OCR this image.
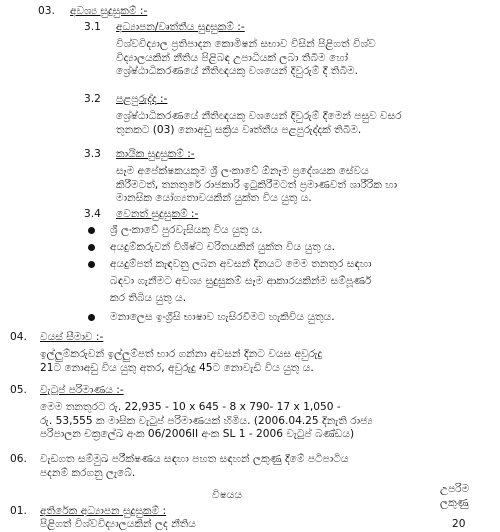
03. අවශ්‍ය සුදුසුකම් :-
3.1 අධ්‍යාපන/වෘත්තීය සුදුසුකම් :-
විශ්වවිද්‍යාල ප්‍රතිපාදන කොමිෂන් සභාව විසින් පිළිගත් විශ්ව
විද්‍යාලයකින් නීතිය පිළිබඳ උපාධියක් ලබා තිබීම හෝ
ශ්‍රේෂ්ඨාධිකරණයේ නීතිඥයකු වශයෙන් දිවුරුම් දී තිබීම.
3.2 පළපුරුද්ද :-
ශ්‍රේෂ්ඨාධිකරණයේ නීතිඥයකු වශයෙන් දිවුරුම් දීමෙන් පසුව වසර
තුනකට (03) නොඅඩු සක්‍රිය වෘත්තීය පළපුරුද්දක් තිබීම.
3.3 කායික සුදුසුකම් :-
සෑම අපේක්ෂකයකුම ශ්‍රී ලංකාවේ ඕනෑම ප්‍රදේශයක සේවය
කිරීමටත්, තනතුරේ රාජකාරි ඉටුකිරීමටත් ප්‍රමාණවත් ශාරීරික හා
මානසික යෝග්‍යතාවයකින් යුක්ත විය යුතු ය.
3.4 වෙනත් සුදුසුකම් :-
ශ්‍රී ලංකාවේ පුරවැසියකු විය යුතු ය.
අයදුම්කරුවන් විශිෂ්ට චරිතයකින් යුක්ත විය යුතු ය.
අයදුම්පත් කැඳවනු ලබන අවසන් දිනයට මෙම තනතුර සඳහා
බඳවා ගැනීමට අවශ්‍ය සුදුසුකම් සෑම ආකාරයකින්ම සම්පූර්ණ
කර තිබිය යුතු ය.
මනාලෙස ඉංග්‍රීසි භාෂාව හැසිරවීමට හැකිවිය යුතුය.
04. වයස් සීමාව :-
ඉල්ලුම්කරුවන් ඉල්ලුම්පත් භාර ගන්නා අවසන් දිනට වයස අවුරුදු
21ට නොඅඩු විය යුතු අතර, අවුරුදු 45ට නොවැඩි විය යුතු ය.
05. වැටුප් පරිමාණය :-
මෙම තනතුරට රු. 22,935 - 10 x 645 - 8 x 790- 17 x 1,050 -
රු. 53,555 ක මාසික වැටුප් පරිමාණයක් හිමිය. (2006.04.25 දිනැති රාජ්‍ය
පරිපාලන චක්‍රලේඛ අංක 06/2006II අංක SL 1 - 2006 වැටුප් බණ්ඩය)
06. වැඩගත සම්මුඛ පරීක්ෂණය සඳහා පහත සඳහන් ලකුණු දීමේ පටිපාටිය
පදනම් කරගනු ලැබේ.
විෂයය	උපරිම
ලකුණු
01. අතිරේක අධ්‍යාපන සුදුසුකම් :
පිළිගත් විශ්වවිද්‍යාලයකින් ලද නීතිය	20
